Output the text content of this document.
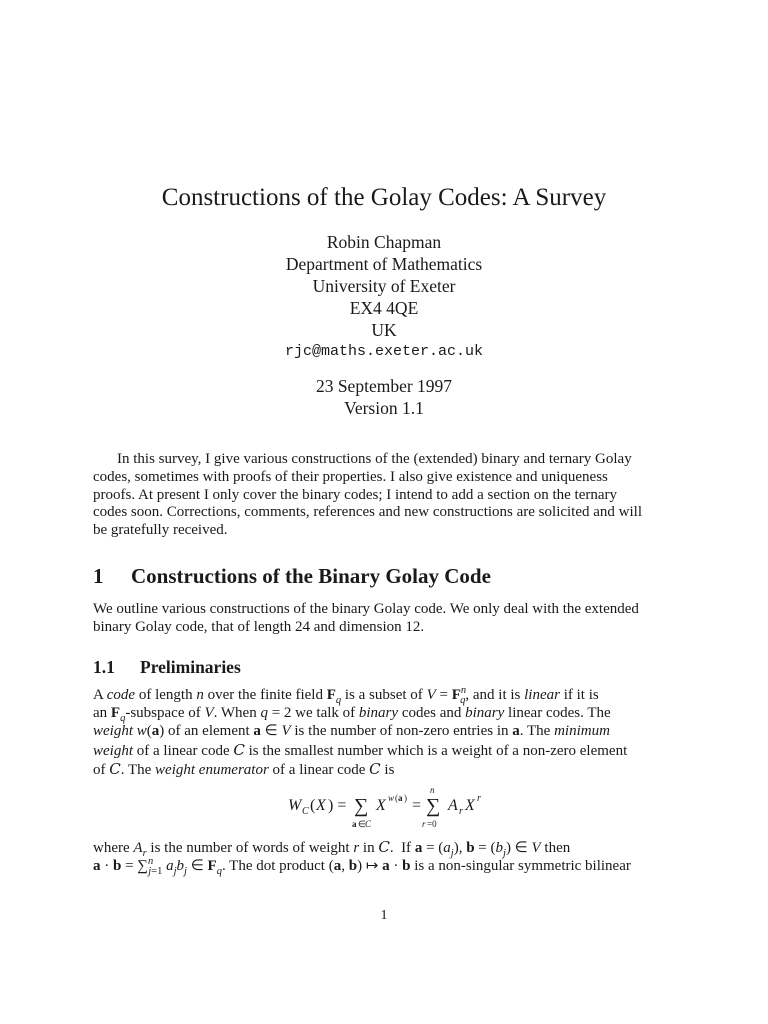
Constructions of the Golay Codes: A Survey
Robin Chapman
Department of Mathematics
University of Exeter
EX4 4QE
UK
rjc@maths.exeter.ac.uk
23 September 1997
Version 1.1
In this survey, I give various constructions of the (extended) binary and ternary Golay
codes, sometimes with proofs of their properties. I also give existence and uniqueness
proofs. At present I only cover the binary codes; I intend to add a section on the ternary
codes soon. Corrections, comments, references and new constructions are solicited and will
be gratefully received.
1 Constructions of the Binary Golay Code
We outline various constructions of the binary Golay code. We only deal with the extended
binary Golay code, that of length 24 and dimension 12.
1.1 Preliminaries
A code of length n over the finite field $F_q$ is a subset of $V = F^n_q$, and it is linear if it is
an $F_q$-subspace of V. When q = 2 we talk of binary codes and binary linear codes. The
weight w(a) of an element a ∈ V is the number of non-zero entries in a. The minimum
weight of a linear code C is the smallest number which is a weight of a non-zero element
of C. The weight enumerator of a linear code C is
W C ( X ) = ∑
a ∈ C
X w ( a ) =
n
∑
r =0
A r X r
where $A_r$ is the number of words of weight r in C.  If $a = (a_j)$, $b = (b_j)$ ∈ V then
a · b = ∑$^n_{j=1}$ $a_jb_j$ ∈ $F_q$. The dot product (a, b) ↦ a · b is a non-singular symmetric bilinear
1
